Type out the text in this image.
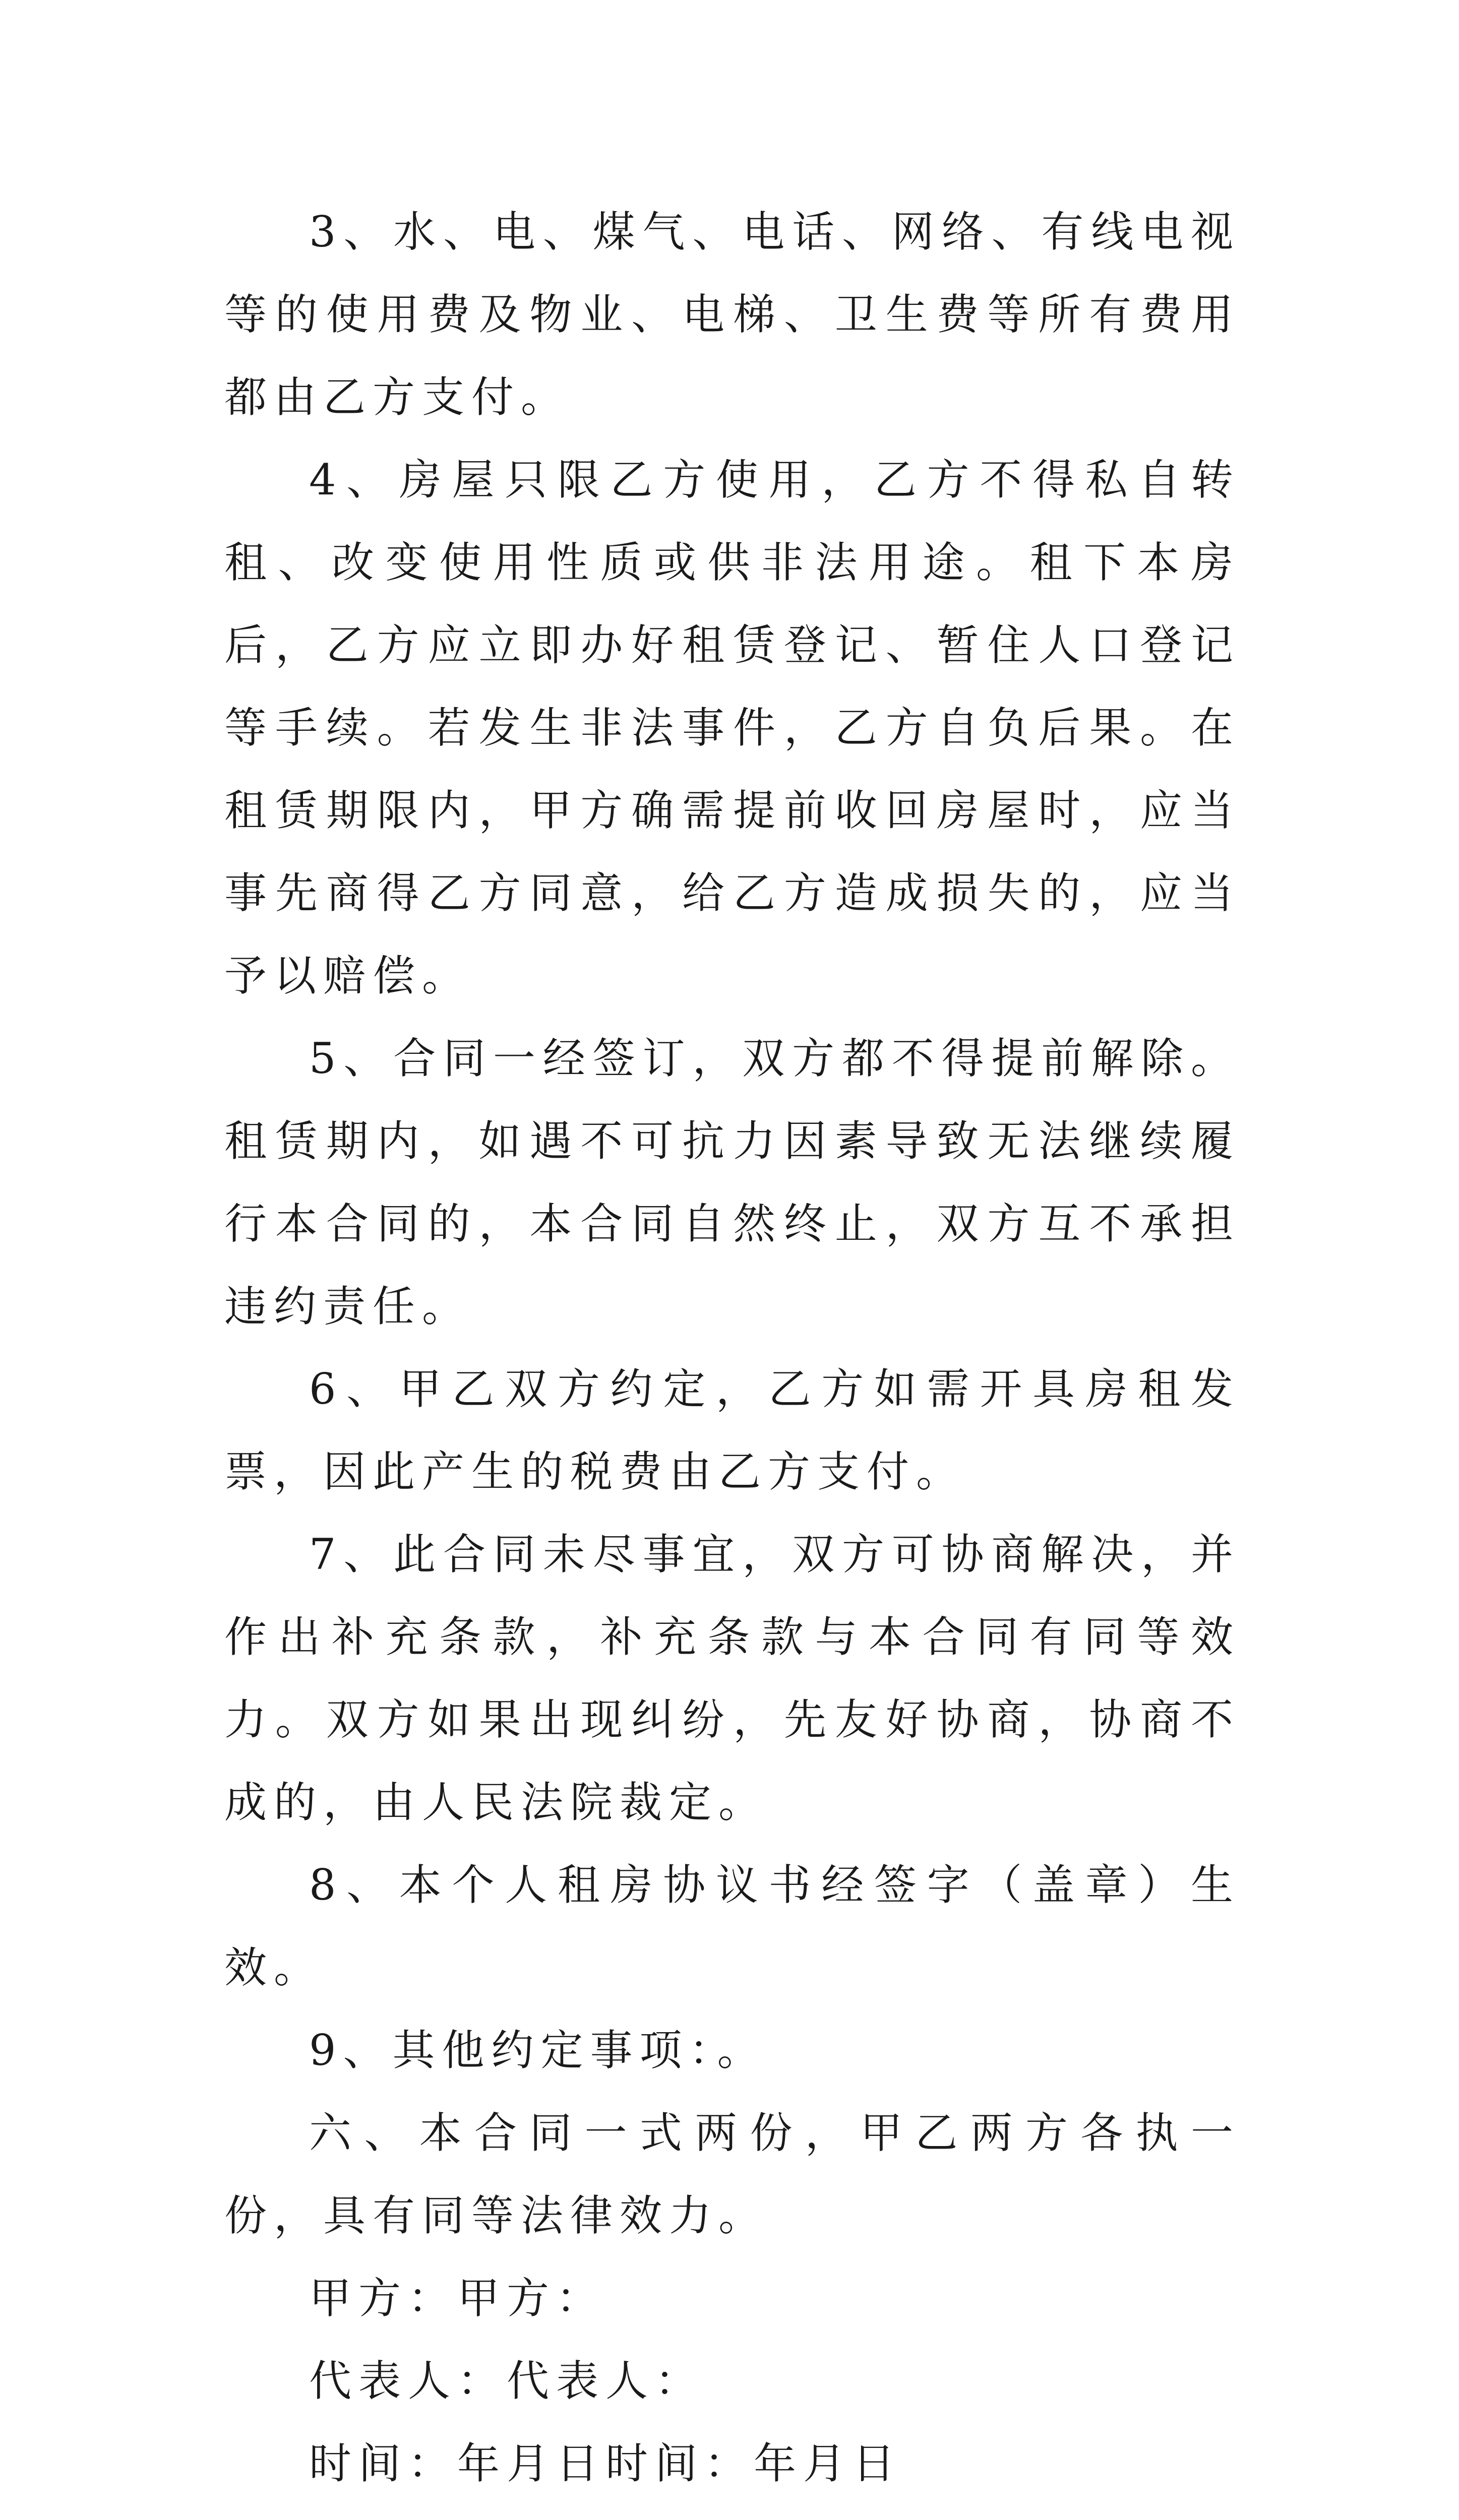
3、水、电、煤气、电话、网络、有线电视等的使用费及物业、电梯、卫生费等所有费用都由乙方支付。

4、房屋只限乙方使用，乙方不得私自转租、改变使用性质或供非法用途。租下本房后，乙方应立即办好租赁登记、暂住人口登记等手续。若发生非法事件，乙方自负后果。在租赁期限内，甲方确需提前收回房屋时，应当事先商得乙方同意，给乙方造成损失的，应当予以赔偿。

5、合同一经签订，双方都不得提前解除。租赁期内，如遇不可抗力因素导致无法继续履行本合同的，本合同自然终止，双方互不承担违约责任。

6、甲乙双方约定，乙方如需开具房租发票，因此产生的税费由乙方支付。

7、此合同未尽事宜，双方可协商解决，并作出补充条款，补充条款与本合同有同等效力。双方如果出现纠纷，先友好协商，协商不成的，由人民法院裁定。

8、本个人租房协议书经签字（盖章）生效。

9、其他约定事项：。

六、本合同一式两份，甲乙两方各执一份，具有同等法律效力。

甲方：甲方：

代表人：代表人：

时间：年月日时间：年月日
